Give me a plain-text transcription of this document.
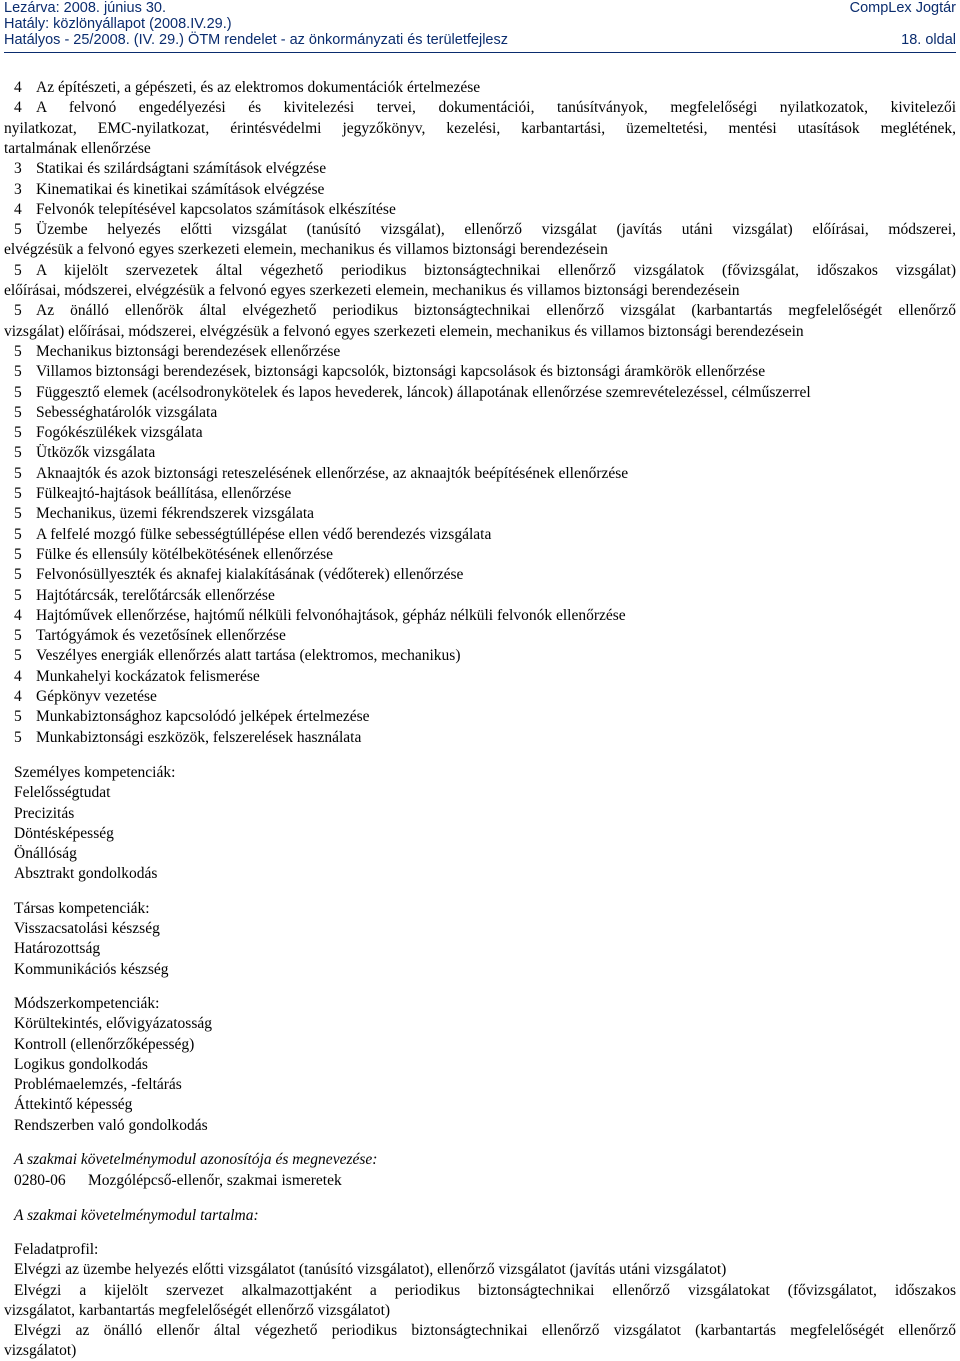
Lezárva: 2008. június 30.	CompLex Jogtár
Hatály: közlönyállapot (2008.IV.29.)
Hatályos - 25/2008. (IV. 29.) ÖTM rendelet - az önkormányzati és területfejlesz	18. oldal
4 Az építészeti, a gépészeti, és az elektromos dokumentációk értelmezése
4 A felvonó engedélyezési és kivitelezési tervei, dokumentációi, tanúsítványok, megfelelőségi nyilatkozatok, kivitelezői
nyilatkozat, EMC-nyilatkozat, érintésvédelmi jegyzőkönyv, kezelési, karbantartási, üzemeltetési, mentési utasítások meglétének,
tartalmának ellenőrzése
3 Statikai és szilárdságtani számítások elvégzése
3 Kinematikai és kinetikai számítások elvégzése
4 Felvonók telepítésével kapcsolatos számítások elkészítése
5 Üzembe helyezés előtti vizsgálat (tanúsító vizsgálat), ellenőrző vizsgálat (javítás utáni vizsgálat) előírásai, módszerei,
elvégzésük a felvonó egyes szerkezeti elemein, mechanikus és villamos biztonsági berendezésein
5 A kijelölt szervezetek által végezhető periodikus biztonságtechnikai ellenőrző vizsgálatok (fővizsgálat, időszakos vizsgálat)
előírásai, módszerei, elvégzésük a felvonó egyes szerkezeti elemein, mechanikus és villamos biztonsági berendezésein
5 Az önálló ellenőrök által elvégezhető periodikus biztonságtechnikai ellenőrző vizsgálat (karbantartás megfelelőségét ellenőrző
vizsgálat) előírásai, módszerei, elvégzésük a felvonó egyes szerkezeti elemein, mechanikus és villamos biztonsági berendezésein
5 Mechanikus biztonsági berendezések ellenőrzése
5 Villamos biztonsági berendezések, biztonsági kapcsolók, biztonsági kapcsolások és biztonsági áramkörök ellenőrzése
5 Függesztő elemek (acélsodronykötelek és lapos hevederek, láncok) állapotának ellenőrzése szemrevételezéssel, célműszerrel
5 Sebességhatárolók vizsgálata
5 Fogókészülékek vizsgálata
5 Ütközők vizsgálata
5 Aknaajtók és azok biztonsági reteszelésének ellenőrzése, az aknaajtók beépítésének ellenőrzése
5 Fülkeajtó-hajtások beállítása, ellenőrzése
5 Mechanikus, üzemi fékrendszerek vizsgálata
5 A felfelé mozgó fülke sebességtúllépése ellen védő berendezés vizsgálata
5 Fülke és ellensúly kötélbekötésének ellenőrzése
5 Felvonósüllyeszték és aknafej kialakításának (védőterek) ellenőrzése
5 Hajtótárcsák, terelőtárcsák ellenőrzése
4 Hajtóművek ellenőrzése, hajtómű nélküli felvonóhajtások, gépház nélküli felvonók ellenőrzése
5 Tartógyámok és vezetősínek ellenőrzése
5 Veszélyes energiák ellenőrzés alatt tartása (elektromos, mechanikus)
4 Munkahelyi kockázatok felismerése
4 Gépkönyv vezetése
5 Munkabiztonsághoz kapcsolódó jelképek értelmezése
5 Munkabiztonsági eszközök, felszerelések használata
Személyes kompetenciák:
Felelősségtudat
Precizitás
Döntésképesség
Önállóság
Absztrakt gondolkodás
Társas kompetenciák:
Visszacsatolási készség
Határozottság
Kommunikációs készség
Módszerkompetenciák:
Körültekintés, elővigyázatosság
Kontroll (ellenőrzőképesség)
Logikus gondolkodás
Problémaelemzés, -feltárás
Áttekintő képesség
Rendszerben való gondolkodás
A szakmai követelménymodul azonosítója és megnevezése:
0280-06 Mozgólépcső-ellenőr, szakmai ismeretek
A szakmai követelménymodul tartalma:
Feladatprofil:
Elvégzi az üzembe helyezés előtti vizsgálatot (tanúsító vizsgálatot), ellenőrző vizsgálatot (javítás utáni vizsgálatot)
Elvégzi a kijelölt szervezet alkalmazottjaként a periodikus biztonságtechnikai ellenőrző vizsgálatokat (fővizsgálatot, időszakos
vizsgálatot, karbantartás megfelelőségét ellenőrző vizsgálatot)
Elvégzi az önálló ellenőr által végezhető periodikus biztonságtechnikai ellenőrző vizsgálatot (karbantartás megfelelőségét ellenőrző
vizsgálatot)
